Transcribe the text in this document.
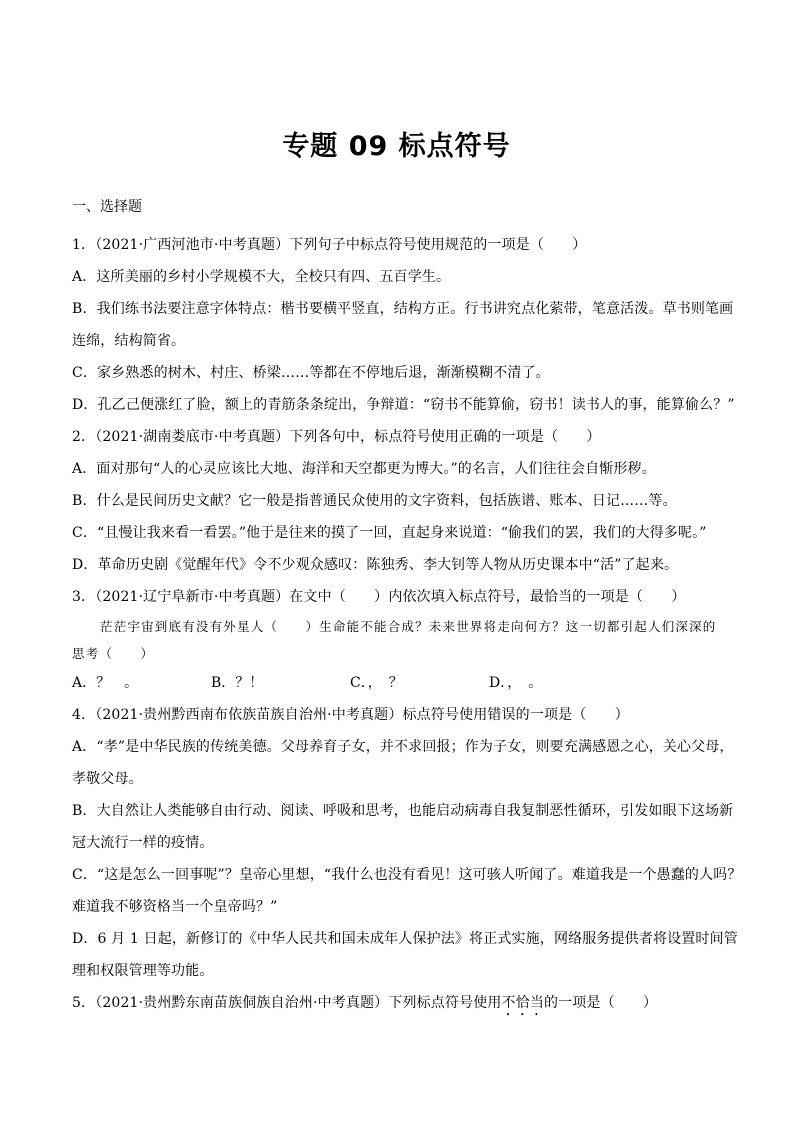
专题 09 标点符号
一、选择题
1．（2021·广西河池市·中考真题）下列句子中标点符号使用规范的一项是（　　）
A．这所美丽的乡村小学规模不大，全校只有四、五百学生。
B．我们练书法要注意字体特点：楷书要横平竖直，结构方正。行书讲究点化萦带，笔意活泼。草书则笔画
连绵，结构简省。
C．家乡熟悉的树木、村庄、桥梁……等都在不停地后退，渐渐模糊不清了。
D．孔乙己便涨红了脸，额上的青筋条条绽出，争辩道：“窃书不能算偷，窃书！读书人的事，能算偷么？”
2．（2021·湖南娄底市·中考真题）下列各句中，标点符号使用正确的一项是（　　）
A．面对那句“人的心灵应该比大地、海洋和天空都更为博大。”的名言，人们往往会自惭形秽。
B．什么是民间历史文献？它一般是指普通民众使用的文字资料，包括族谱、账本、日记……等。
C．“且慢让我来看一看罢。”他于是往来的摸了一回，直起身来说道：“偷我们的罢，我们的大得多呢。”
D．革命历史剧《觉醒年代》令不少观众感叹：陈独秀、李大钊等人物从历史课本中“活”了起来。
3．（2021·辽宁阜新市·中考真题）在文中（　　）内依次填入标点符号，最恰当的一项是（　　）
茫茫宇宙到底有没有外星人（　　）生命能不能合成？未来世界将走向何方？这一切都引起人们深深的
思考（　　）
A．？　。	B．？！	C．，　？	D．，　。
4．（2021·贵州黔西南布依族苗族自治州·中考真题）标点符号使用错误的一项是（　　）
A．“孝”是中华民族的传统美德。父母养育子女，并不求回报；作为子女，则要充满感恩之心，关心父母，
孝敬父母。
B．大自然让人类能够自由行动、阅读、呼吸和思考，也能启动病毒自我复制恶性循环，引发如眼下这场新
冠大流行一样的疫情。
C．“这是怎么一回事呢”？皇帝心里想，“我什么也没有看见！这可骇人听闻了。难道我是一个愚蠢的人吗？
难道我不够资格当一个皇帝吗？”
D．6 月 1 日起，新修订的《中华人民共和国未成年人保护法》将正式实施，网络服务提供者将设置时间管
理和权限管理等功能。
5．（2021·贵州黔东南苗族侗族自治州·中考真题）下列标点符号使用不恰当的一项是（　　）
